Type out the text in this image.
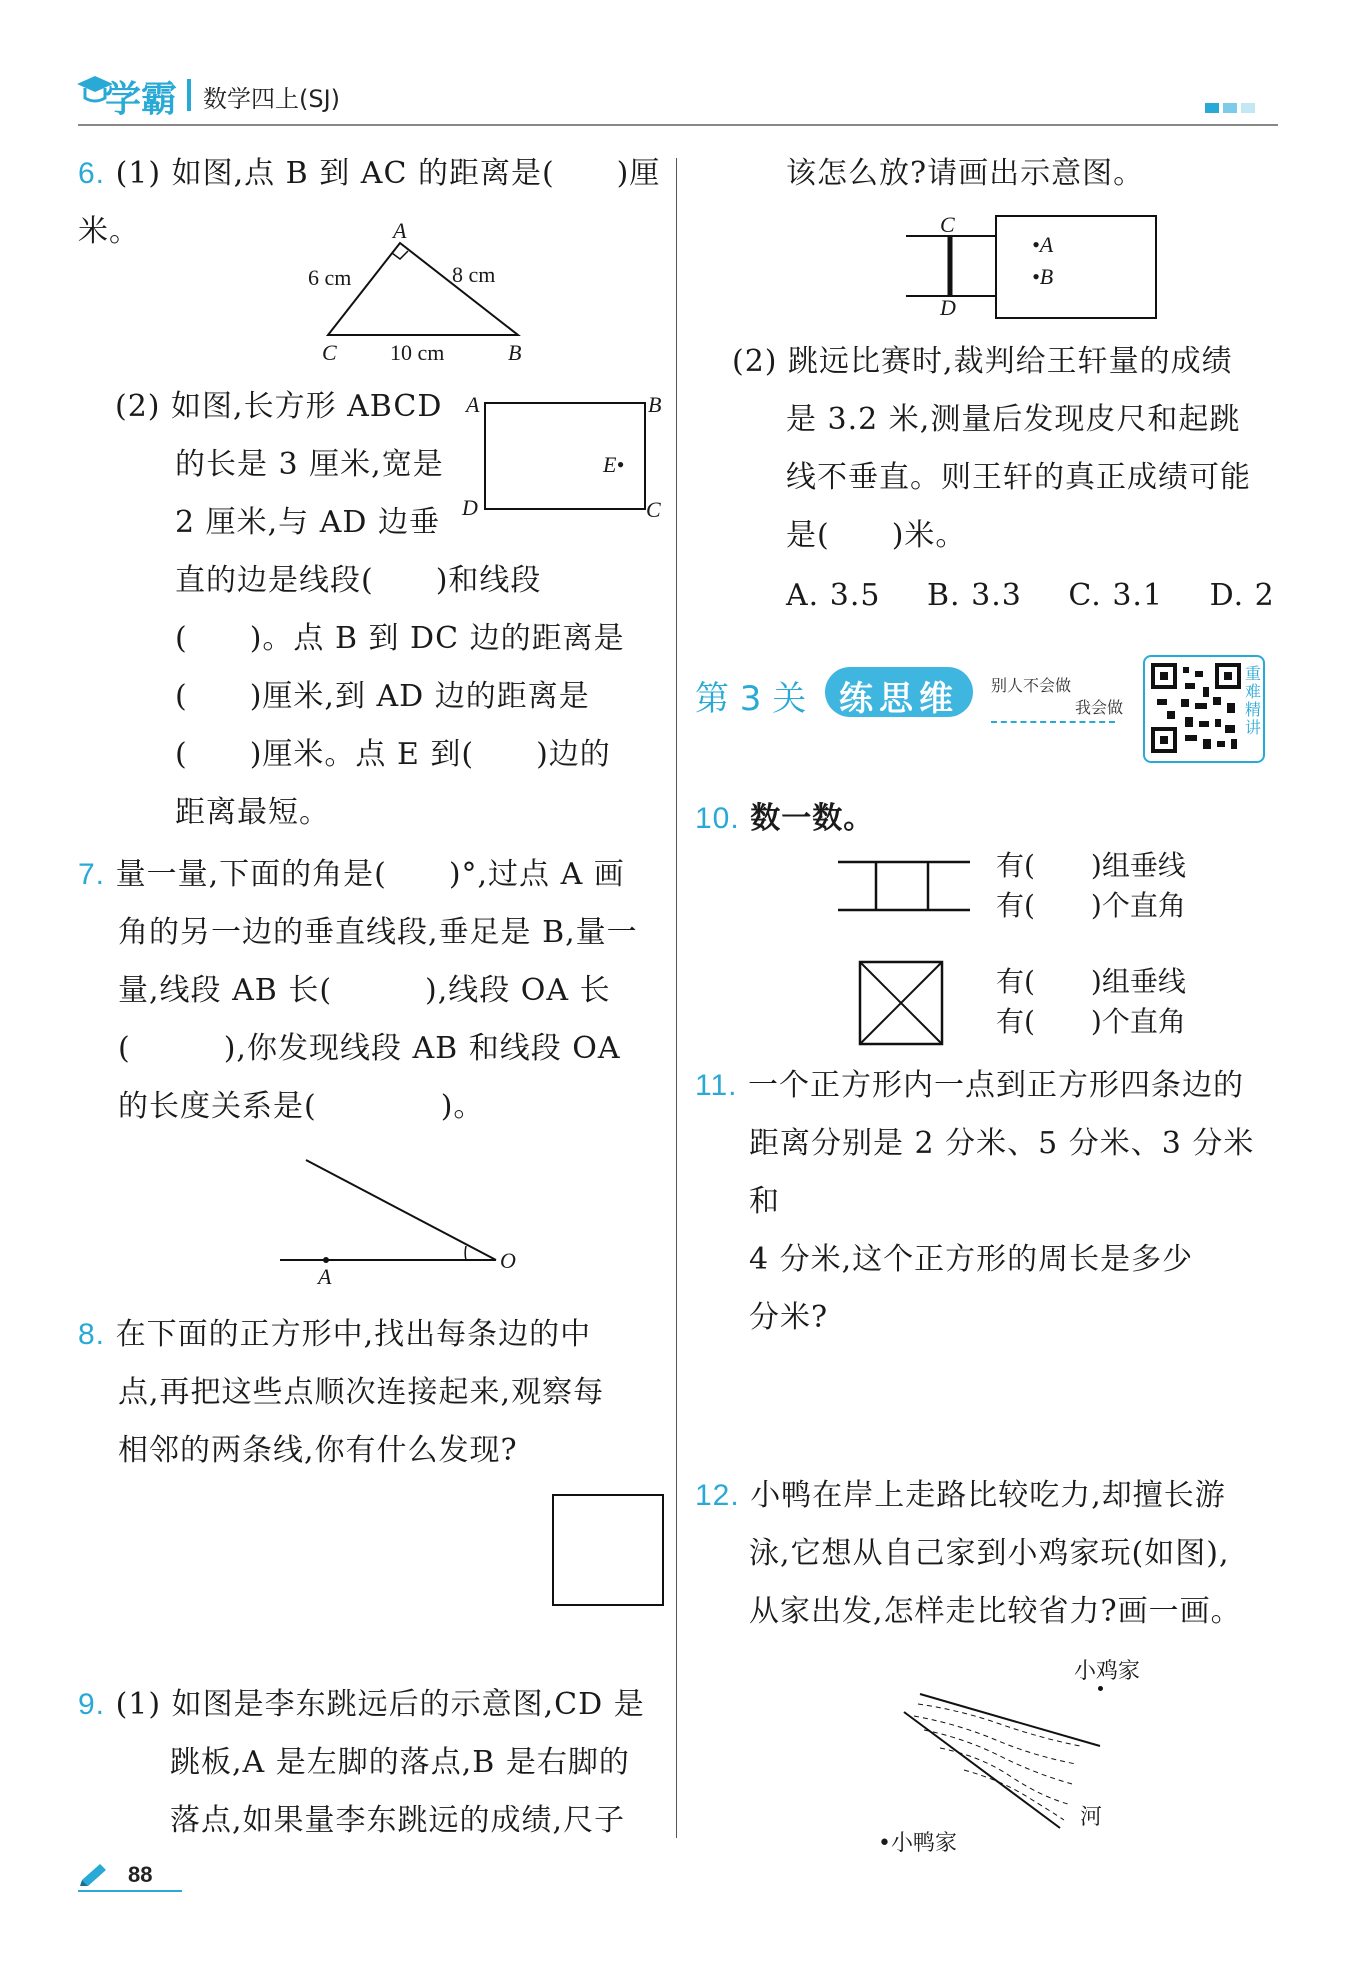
学霸 数学四上(SJ)
6. (1) 如图,点 B 到 AC 的距离是(　　)厘米。	A
6 cm	8 cm
C 10 cm	B
(2) 如图,长方形 ABCD
的长是 3 厘米,宽是
2 厘米,与 AD 边垂
直的边是线段(　　)和线段
(　　)。点 B 到 DC 边的距离是
(　　)厘米,到 AD 边的距离是
(　　)厘米。点 E 到(　　)边的
距离最短。
A	B
D	C
E•
7. 量一量,下面的角是(　　)°,过点 A 画
角的另一边的垂直线段,垂足是 B,量一
量,线段 AB 长(　　　),线段 OA 长
(　　　),你发现线段 AB 和线段 OA
的长度关系是(　　　　)。
A
O
8. 在下面的正方形中,找出每条边的中
点,再把这些点顺次连接起来,观察每
相邻的两条线,你有什么发现?
9. (1) 如图是李东跳远后的示意图,CD 是
跳板,A 是左脚的落点,B 是右脚的
落点,如果量李东跳远的成绩,尺子
该怎么放?请画出示意图。
C
D
•A
•B
(2) 跳远比赛时,裁判给王轩量的成绩
是 3.2 米,测量后发现皮尺和起跳
线不垂直。则王轩的真正成绩可能
是(　　)米。
A. 3.5 B. 3.3 C. 3.1 D. 2
第 3 关 练思维 别人不会做
我会做
重难精讲
10. 数一数。
有(　　)组垂线
有(　　)个直角
有(　　)组垂线
有(　　)个直角
11. 一个正方形内一点到正方形四条边的
距离分别是 2 分米、5 分米、3 分米和
4 分米,这个正方形的周长是多少
分米?
12. 小鸭在岸上走路比较吃力,却擅长游
泳,它想从自己家到小鸡家玩(如图),
从家出发,怎样走比较省力?画一画。
小鸡家
河
•小鸭家
88
